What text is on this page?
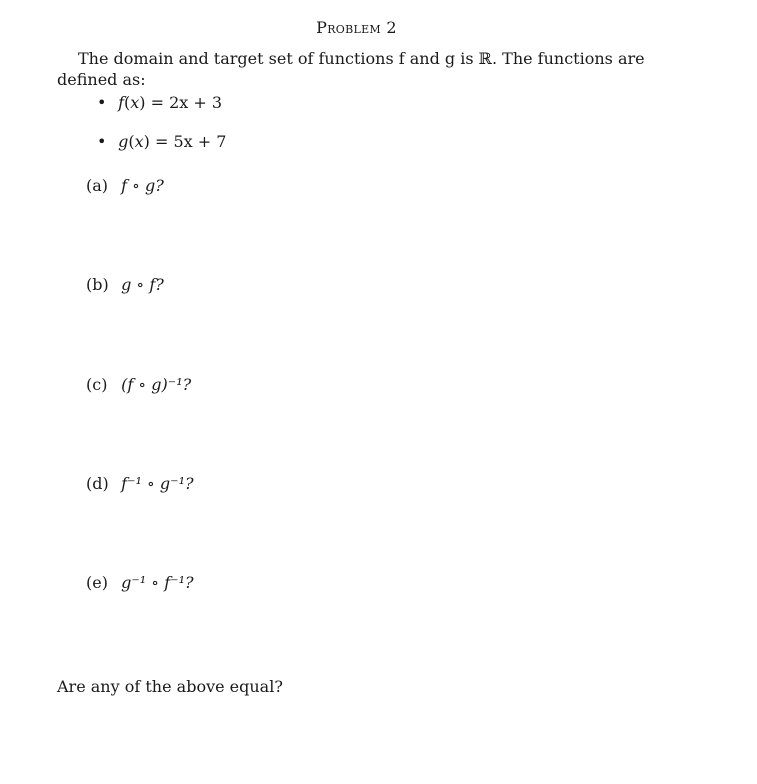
Problem 2
The domain and target set of functions f and g is ℝ. The functions are defined as:
• f(x) = 2x + 3
• g(x) = 5x + 7
(a) f ∘ g?
(b) g ∘ f?
(c) (f ∘ g)⁻¹?
(d) f⁻¹ ∘ g⁻¹?
(e) g⁻¹ ∘ f⁻¹?
Are any of the above equal?
